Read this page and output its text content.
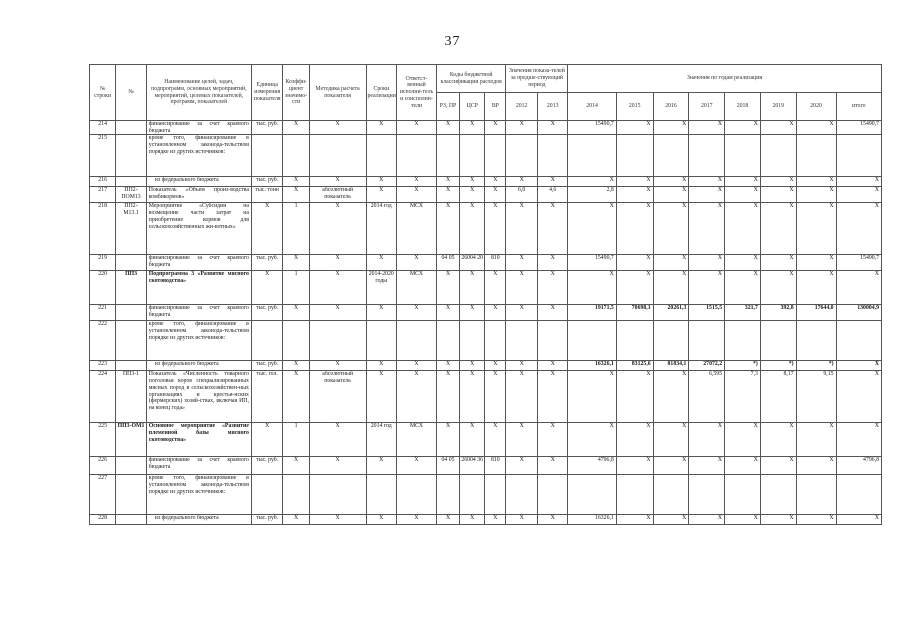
37
№ строки	№	Наименование целей, задач, подпрограмм, основных мероприятий, мероприятий, целевых показателей, программ, показателей	Единица измерения показателя	Коэффи-циент значимо-сти	Методика расчета показателя	Сроки реализации	Ответст-венный исполни-тель и соисполни-тели	Коды бюджетной классификации расходов			Значения показа-телей за предше-ствующий период		Значения по годам реализации							
								РЗ, ПР	ЦСР	ВР	2012	2013	2014	2015	2016	2017	2018	2019	2020	итого
214		финансирование за счет краевого бюджета	тыс. руб.	X	X	X	X	X	X	X	X	X	15490,7	X	X	X	X	X	X	15490,7
215		кроме того, финансирование в установленном законода-тельством порядке из других источников:																		
216		из федерального бюджета	тыс. руб.	X	X	X	X	X	X	X	X	X	X	X	X	X	X	X	X	X
217	ПП2-ПОМ13	Показатель «Объем произ-водства комбикормов»	тыс. тонн	X	абсолютный показатель	X	X	X	X	X	6,0	4,6	2,8	X	X	X	X	X	X	X
218	ПП2-М13.1	Мероприятие «Субсидии на возмещение части затрат на приобретение кормов для сельскохозяйственных жи-вотных»	X	1	X	2014 год	МСХ	X	X	X	X	X	X	X	X	X	X	X	X	X
219		финансирование за счет краевого бюджета	тыс. руб.	X	X	X	X	04 05	26004 20	810	X	X	15490,7	X	X	X	X	X	X	15490,7
220	ПП3	Подпрограмма 3 «Развитие мясного скотоводства»	X	1	X	2014-2020 годы	МСХ	X	X	X	X	X	X	X	X	X	X	X	X	X
221		финансирование за счет краевого бюджета	тыс. руб.	X	X	X	X	X	X	X	X	X	19171,5	70698,1	20261,3	1515,5	321,7	392,8	17644,0	130004,9
222		кроме того, финансирование в установленном законода-тельством порядке из других источников:																		
223		из федерального бюджета	тыс. руб.	X	X	X	X	X	X	X	X	X	16326,1	83125,6	81834,1	27072,2	*)	*)	*)	X
224	ПП3-1	Показатель «Численность товарного поголовья коров специализированных мясных пород в сельскохозяйствен-ных организациях и крестья-нских (фермерских) хозяй-ствах, включая ИП, на конец года»	тыс. гол.	X	абсолютный показатель	X	X	X	X	X	X	X	X	X	X	6,595	7,3	8,17	9,15	X
225	ПП3-ОМ1	Основное мероприятие «Развитие племенной базы мясного скотоводства»	X	1	X	2014 год	МСХ	X	X	X	X	X	X	X	X	X	X	X	X	X
226		финансирование за счет краевого бюджета	тыс. руб.	X	X	X	X	04 05	26004 36	810	X	X	4796,8	X	X	X	X	X	X	4796,8
227		кроме того, финансирование в установленном законода-тельством порядке из других источников:																		
228		из федерального бюджета	тыс. руб.	X	X	X	X	X	X	X	X	X	16326,1	X	X	X	X	X	X	X
